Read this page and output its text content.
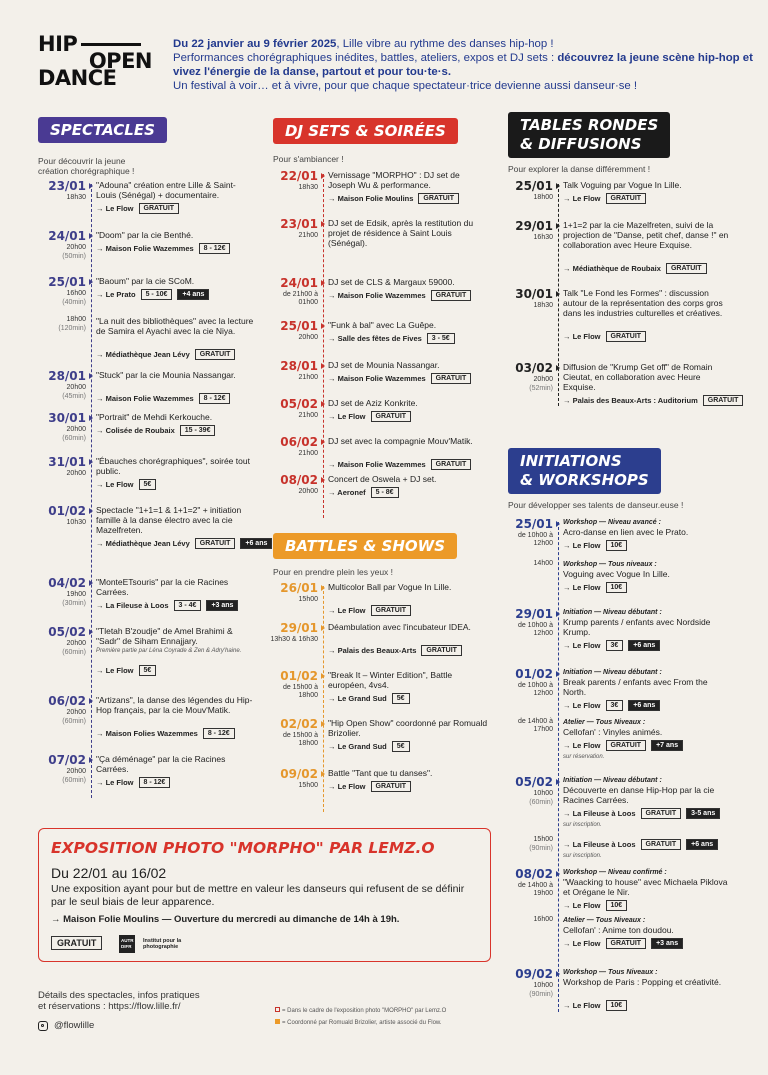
HIP
OPEN
DANCE
Du 22 janvier au 9 février 2025, Lille vibre au rythme des danses hip-hop !
Performances chorégraphiques inédites, battles, ateliers, expos et DJ sets : découvrez la jeune scène hip-hop et vivez l'énergie de la danse, partout et pour tou·te·s.
Un festival à voir… et à vivre, pour que chaque spectateur·trice devienne aussi danseur·se !
SPECTACLES
Pour découvrir la jeune création chorégraphique !
23/01
18h30
"Adouna" création entre Lille & Saint-Louis (Sénégal) + documentaire.
→ Le Flow	GRATUIT
24/01
20h00
(50min)
"Doom" par la cie Benthé.
→ Maison Folie Wazemmes	8 - 12€
25/01
16h00
(40min)
"Baoum" par la cie SCoM.
→ Le Prato	5 - 10€	+4 ans
18h00
(120min)
"La nuit des bibliothèques" avec la lecture de Samira el Ayachi avec la cie Niya.
→ Médiathèque Jean Lévy	GRATUIT
28/01
20h00
(45min)
"Stuck" par la cie Mounia Nassangar.
→ Maison Folie Wazemmes	8 - 12€
30/01
20h00
(60min)
"Portrait" de Mehdi Kerkouche.
→ Colisée de Roubaix	15 - 39€
31/01
20h00
"Ébauches chorégraphiques", soirée tout public.
→ Le Flow	5€
01/02
10h30
Spectacle "1+1=1 & 1+1=2" + initiation famille à la danse électro avec la cie Mazelfreten.
→ Médiathèque Jean Lévy	GRATUIT	+6 ans
04/02
19h00
(30min)
"MonteETsouris" par la cie Racines Carrées.
→ La Fileuse à Loos	3 - 4€	+3 ans
05/02
20h00
(60min)
"Tletah B'zoudje" de Amel Brahimi & "Sadr" de Siham Ennajjary.
Première partie par Léna Coyrade & Zen & Adry'haine.
→ Le Flow	5€
06/02
20h00
(60min)
"Artizans", la danse des légendes du Hip-Hop français, par la cie Mouv'Matik.
→ Maison Folies Wazemmes	8 - 12€
07/02
20h00
(60min)
"Ça déménage" par la cie Racines Carrées.
→ Le Flow	8 - 12€
DJ SETS & SOIRÉES
Pour s'ambiancer !
22/01
18h30
Vernissage "MORPHO" : DJ set de Joseph Wu & performance.
→ Maison Folie Moulins	GRATUIT
23/01
21h00
DJ set de Edsik, après la restitution du projet de résidence à Saint Louis (Sénégal).
24/01
de 21h00 à 01h00
DJ set de CLS & Margaux 59000.
→ Maison Folie Wazemmes	GRATUIT
25/01
20h00
"Funk à bal" avec La Guêpe.
→ Salle des fêtes de Fives	3 - 5€
28/01
21h00
DJ set de Mounia Nassangar.
→ Maison Folie Wazemmes	GRATUIT
05/02
21h00
DJ set de Aziz Konkrite.
→ Le Flow	GRATUIT
06/02
21h00
DJ set avec la compagnie Mouv'Matik.
→ Maison Folie Wazemmes	GRATUIT
08/02
20h00
Concert de Oswela + DJ set.
→ Aeronef	5 - 8€
BATTLES & SHOWS
Pour en prendre plein les yeux !
26/01
15h00
Multicolor Ball par Vogue In Lille.
→ Le Flow	GRATUIT
29/01
13h30 & 16h30
Déambulation avec l'incubateur IDEA.
→ Palais des Beaux-Arts	GRATUIT
01/02
de 15h00 à 18h00
"Break It – Winter Edition", Battle européen, 4vs4.
→ Le Grand Sud	5€
02/02
de 15h00 à 18h00
"Hip Open Show" coordonné par Romuald Brizolier.
→ Le Grand Sud	5€
09/02
15h00
Battle "Tant que tu danses".
→ Le Flow	GRATUIT
TABLES RONDES
& DIFFUSIONS
Pour explorer la danse différemment !
25/01
18h00
Talk Voguing par Vogue In Lille.
→ Le Flow	GRATUIT
29/01
16h30
1+1=2 par la cie Mazelfreten, suivi de la projection de "Danse, petit chef, danse !" en collaboration avec Heure Exquise.
→ Médiathèque de Roubaix	GRATUIT
30/01
18h30
Talk "Le Fond les Formes" : discussion autour de la représentation des corps gros dans les industries culturelles et créatives.
→ Le Flow	GRATUIT
03/02
20h00
(52min)
Diffusion de "Krump Get off" de Romain Cieutat, en collaboration avec Heure Exquise.
→ Palais des Beaux-Arts : Auditorium	GRATUIT
INITIATIONS
& WORKSHOPS
Pour développer ses talents de danseur.euse !
25/01
de 10h00 à 12h00
Workshop — Niveau avancé :
Acro-danse en lien avec le Prato.
→ Le Flow	10€
14h00 Workshop — Tous niveaux :
Voguing avec Vogue In Lille.
→ Le Flow	10€
29/01
de 10h00 à 12h00
Initiation — Niveau débutant :
Krump parents / enfants avec Nordside Krump.
→ Le Flow	3€	+6 ans
01/02
de 10h00 à 12h00
Initiation — Niveau débutant :
Break parents / enfants avec From the North.
→ Le Flow	3€	+6 ans
de 14h00 à 17h00
Atelier — Tous Niveaux :
Cellofan' : Vinyles animés.
→ Le Flow	GRATUIT	+7 ans
sur réservation.
05/02
10h00
(60min)
Initiation — Niveau débutant :
Découverte en danse Hip-Hop par la cie Racines Carrées.
→ La Fileuse à Loos	GRATUIT	3-5 ans
sur inscription.
15h00
(90min) → La Fileuse à Loos	GRATUIT	+6 ans
sur inscription.
08/02
de 14h00 à 19h00
Workshop — Niveau confirmé :
"Waacking to house" avec Michaela Piklova et Orégane le Nir.
→ Le Flow	10€
16h00 Atelier — Tous Niveaux :
Cellofan' : Anime ton doudou.
→ Le Flow	GRATUIT	+3 ans
09/02
10h00
(90min)
Workshop — Tous Niveaux :
Workshop de Paris : Popping et créativité.
→ Le Flow	10€
EXPOSITION PHOTO "MORPHO" PAR LEMZ.O
Du 22/01 au 16/02
Une exposition ayant pour but de mettre en valeur les danseurs qui refusent de se définir par le seul biais de leur apparence.
→ Maison Folie Moulins — Ouverture du mercredi au dimanche de 14h à 19h.
GRATUIT	AUTR DIFR
Institut pour la photographie
Détails des spectacles, infos pratiques
et réservations : https://flow.lille.fr/
@flowlille
= Dans le cadre de l'exposition photo "MORPHO" par Lemz.O
= Coordonné par Romuald Brizolier, artiste associé du Flow.
